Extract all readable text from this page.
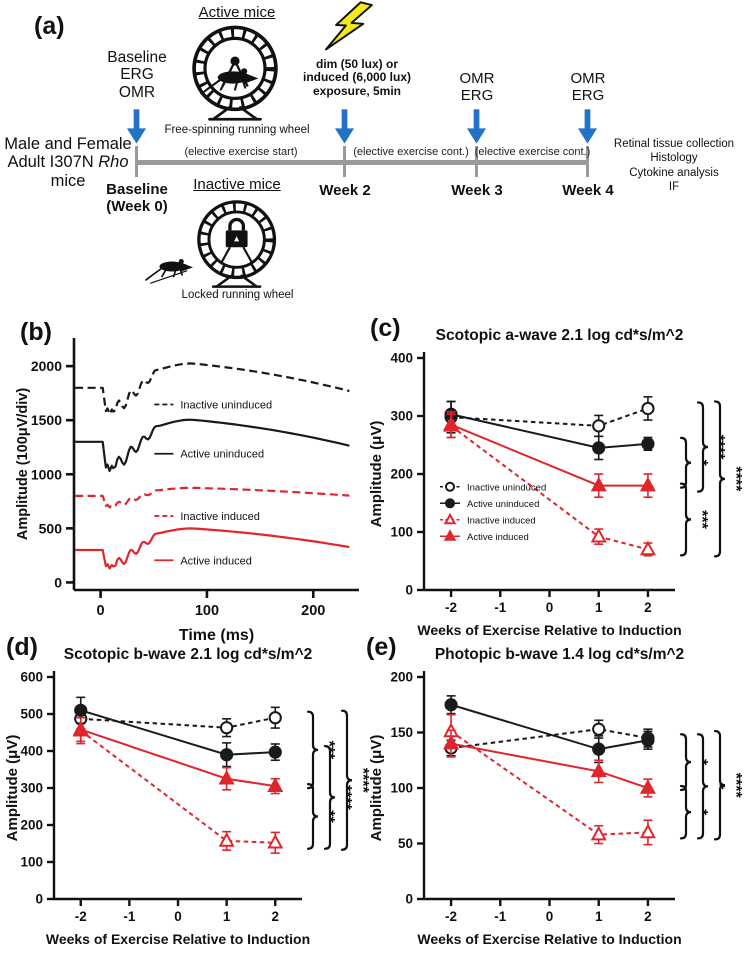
(a)
Male and Female
Adult I307N Rho
mice
(elective exercise start)	(elective exercise cont.) (elective exercise cont.)
Baseline
(Week 0)
Week 2	Week 3	Week 4
Baseline
ERG
OMR
dim (50 lux) or
induced (6,000 lux)
exposure, 5min
OMR
ERG
OMR
ERG
Retinal tissue collection
Histology
Cytokine analysis
IF
Active mice
Free-spinning running wheel
Inactive mice
Locked running wheel
(b)
0
500
1000
1500
2000
0	100	200
Time (ms)
Amplitude (100μV/div)	Inactive uninduced
Active uninduced
Inactive induced
Active induced
(c)
0
100
200
300
400
-2	-1	0	1	2
Scotopic a-wave 2.1 log cd*s/m^2
Weeks of Exercise Relative to Induction
Amplitude (μV)	Inactive uninduced
Active uninduced
Inactive induced
Active induced
*
****
***
****
(d)
0
100
200
300
400
500
600
-2	-1	0	1	2
Scotopic b-wave 2.1 log cd*s/m^2
Weeks of Exercise Relative to Induction
Amplitude (μV)	***
**
****
****
(e)
0
50
100
150
200
-2	-1	0	1	2
Photopic b-wave 1.4 log cd*s/m^2
Weeks of Exercise Relative to Induction
Amplitude (μV)	*
*
* ****
